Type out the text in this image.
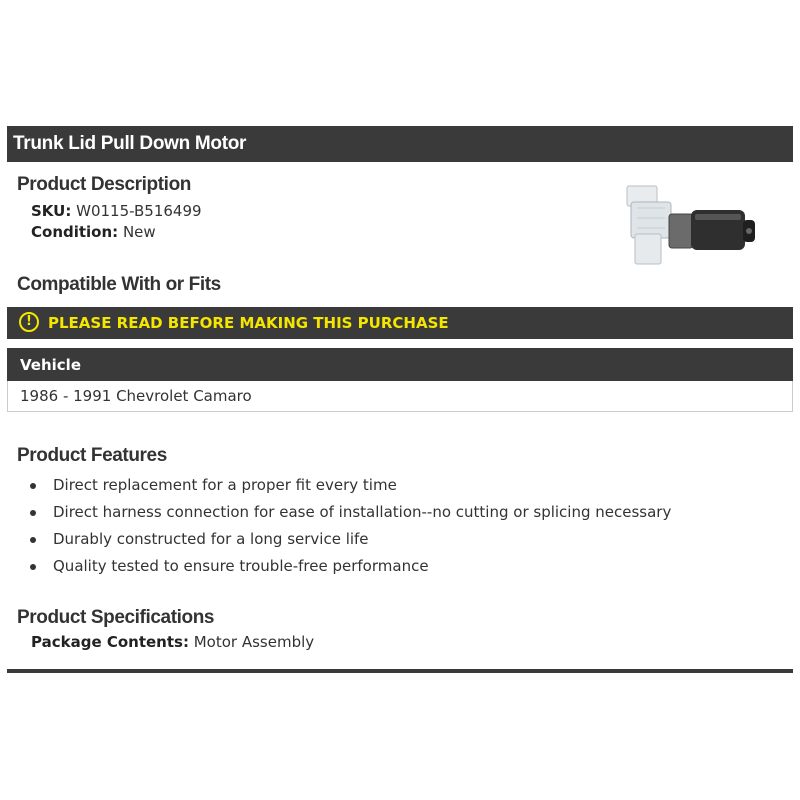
Trunk Lid Pull Down Motor
Product Description
SKU: W0115-B516499
Condition: New
Compatible With or Fits
!	PLEASE READ BEFORE MAKING THIS PURCHASE
Vehicle
1986 - 1991 Chevrolet Camaro
Product Features
Direct replacement for a proper fit every time
Direct harness connection for ease of installation--no cutting or splicing necessary
Durably constructed for a long service life
Quality tested to ensure trouble-free performance
Product Specifications
Package Contents: Motor Assembly
